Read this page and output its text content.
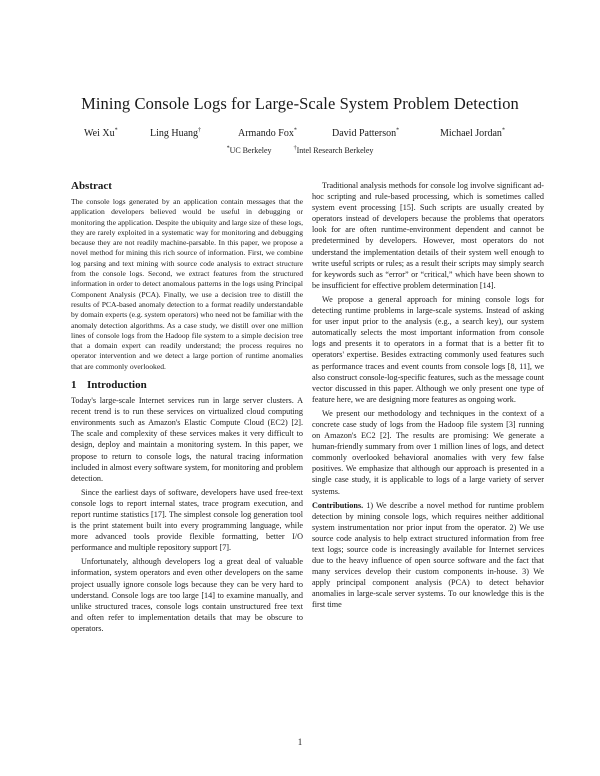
Mining Console Logs for Large-Scale System Problem Detection
Wei Xu*	Ling Huang†	Armando Fox*	David Patterson*	Michael Jordan*
*UC Berkeley	†Intel Research Berkeley
Abstract

The console logs generated by an application contain messages that the application developers believed would be useful in debugging or monitoring the application. Despite the ubiquity and large size of these logs, they are rarely exploited in a systematic way for monitoring and debugging because they are not readily machine-parsable. In this paper, we propose a novel method for mining this rich source of information. First, we combine log parsing and text mining with source code analysis to extract structure from the console logs. Second, we extract features from the structured information in order to detect anomalous patterns in the logs using Principal Component Analysis (PCA). Finally, we use a decision tree to distill the results of PCA-based anomaly detection to a format readily understandable by domain experts (e.g. system operators) who need not be familiar with the anomaly detection algorithms. As a case study, we distill over one million lines of console logs from the Hadoop file system to a simple decision tree that a domain expert can readily understand; the process requires no operator intervention and we detect a large portion of runtime anomalies that are commonly overlooked.

1 Introduction

Today's large-scale Internet services run in large server clusters. A recent trend is to run these services on virtualized cloud computing environments such as Amazon's Elastic Compute Cloud (EC2) [2]. The scale and complexity of these services makes it very difficult to design, deploy and maintain a monitoring system. In this paper, we propose to return to console logs, the natural tracing information included in almost every software system, for monitoring and problem detection.

Since the earliest days of software, developers have used free-text console logs to report internal states, trace program execution, and report runtime statistics [17]. The simplest console log generation tool is the print statement built into every programming language, while more advanced tools provide flexible formatting, better I/O performance and multiple repository support [7].

Unfortunately, although developers log a great deal of valuable information, system operators and even other developers on the same project usually ignore console logs because they can be very hard to understand. Console logs are too large [14] to examine manually, and unlike structured traces, console logs contain unstructured free text and often refer to implementation details that may be obscure to operators.

Traditional analysis methods for console log involve significant ad-hoc scripting and rule-based processing, which is sometimes called system event processing [15]. Such scripts are usually created by operators instead of developers because the problems that operators look for are often runtime-environment dependent and cannot be predetermined by developers. However, most operators do not understand the implementation details of their system well enough to write useful scripts or rules; as a result their scripts may simply search for keywords such as “error” or “critical,” which have been shown to be insufficient for effective problem determination [14].

We propose a general approach for mining console logs for detecting runtime problems in large-scale systems. Instead of asking for user input prior to the analysis (e.g., a search key), our system automatically selects the most important information from console logs and presents it to operators in a format that is a better fit to operators' expertise. Besides extracting commonly used features such as performance traces and event counts from console logs [8, 11], we also construct console-log-specific features, such as the message count vector discussed in this paper. Although we only present one type of feature here, we are designing more features as ongoing work.

We present our methodology and techniques in the context of a concrete case study of logs from the Hadoop file system [3] running on Amazon's EC2 [2]. The results are promising: We generate a human-friendly summary from over 1 million lines of logs, and detect commonly overlooked behavioral anomalies with very few false positives. We emphasize that although our approach is presented in a single case study, it is applicable to logs of a large variety of server systems.

Contributions. 1) We describe a novel method for runtime problem detection by mining console logs, which requires neither additional system instrumentation nor prior input from the operator. 2) We use source code analysis to help extract structured information from free text logs; source code is increasingly available for Internet services due to the heavy influence of open source software and the fact that many services develop their custom components in-house. 3) We apply principal component analysis (PCA) to detect behavior anomalies in large-scale server systems. To our knowledge this is the first time

1
